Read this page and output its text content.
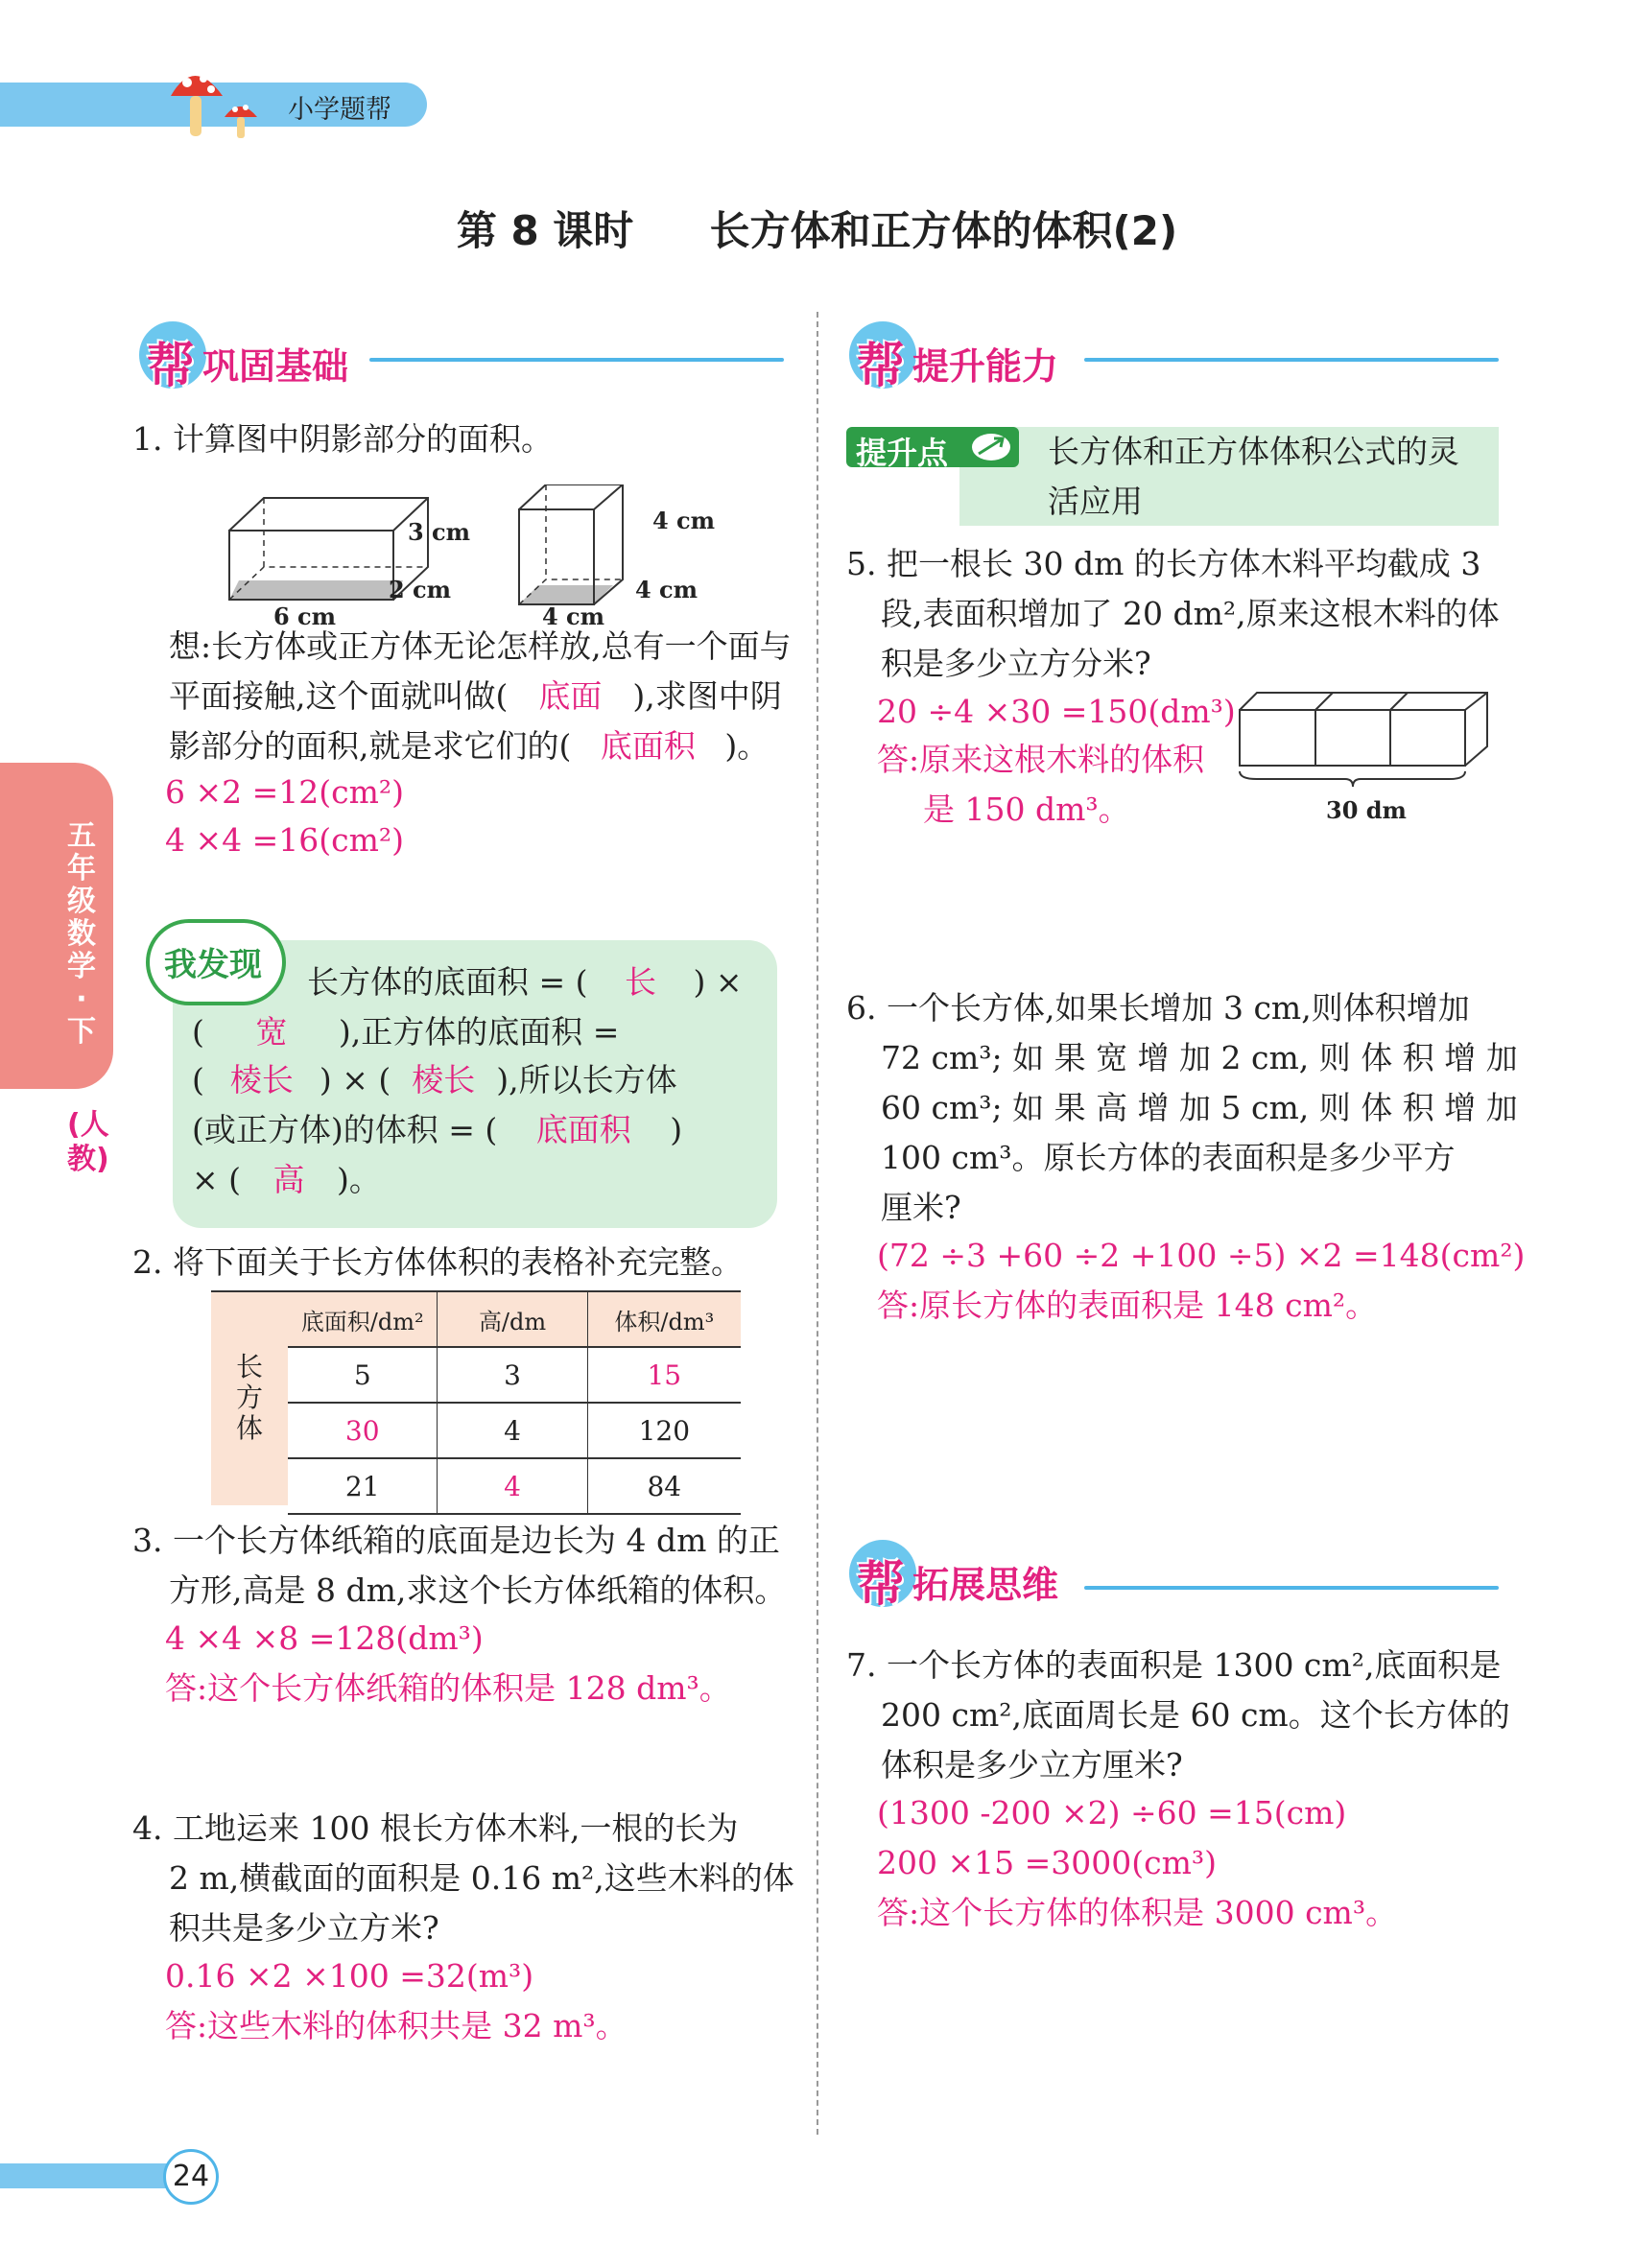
小学题帮
第 8 课时 长方体和正方体的体积(2)
五年级数学·下
(人教)
帮 巩固基础	帮 提升能力
帮 拓展思维
1. 计算图中阴影部分的面积。
3 cm
2 cm
6 cm
4 cm
4 cm
4 cm
想:长方体或正方体无论怎样放,总有一个面与
平面接触,这个面就叫做( 底面 ),求图中阴
影部分的面积,就是求它们的( 底面积 )。
6 ×2 =12(cm²)
4 ×4 =16(cm²)
我发现 长方体的底面积 = ( 长 ) ×
( 宽 ),正方体的底面积 =
( 棱长 ) × ( 棱长 ),所以长方体
(或正方体)的体积 = ( 底面积 )
× ( 高 )。
2. 将下面关于长方体体积的表格补充完整。
长方体
底面积/dm²	高/dm	体积/dm³
5	3	15
30	4	120
21	4	84
3. 一个长方体纸箱的底面是边长为 4 dm 的正
方形,高是 8 dm,求这个长方体纸箱的体积。
4 ×4 ×8 =128(dm³)
答:这个长方体纸箱的体积是 128 dm³。
4. 工地运来 100 根长方体木料,一根的长为
2 m,横截面的面积是 0.16 m²,这些木料的体
积共是多少立方米?
0.16 ×2 ×100 =32(m³)
答:这些木料的体积共是 32 m³。
提升点	长方体和正方体体积公式的灵
活应用
5. 把一根长 30 dm 的长方体木料平均截成 3
段,表面积增加了 20 dm²,原来这根木料的体
积是多少立方分米?
20 ÷4 ×30 =150(dm³)
答:原来这根木料的体积
是 150 dm³。	30 dm
6. 一个长方体,如果长增加 3 cm,则体积增加
72 cm³; 如 果 宽 增 加 2 cm, 则 体 积 增 加
60 cm³; 如 果 高 增 加 5 cm, 则 体 积 增 加
100 cm³。原长方体的表面积是多少平方
厘米?
(72 ÷3 +60 ÷2 +100 ÷5) ×2 =148(cm²)
答:原长方体的表面积是 148 cm²。
7. 一个长方体的表面积是 1300 cm²,底面积是
200 cm²,底面周长是 60 cm。这个长方体的
体积是多少立方厘米?
(1300 -200 ×2) ÷60 =15(cm)
200 ×15 =3000(cm³)
答:这个长方体的体积是 3000 cm³。
24
